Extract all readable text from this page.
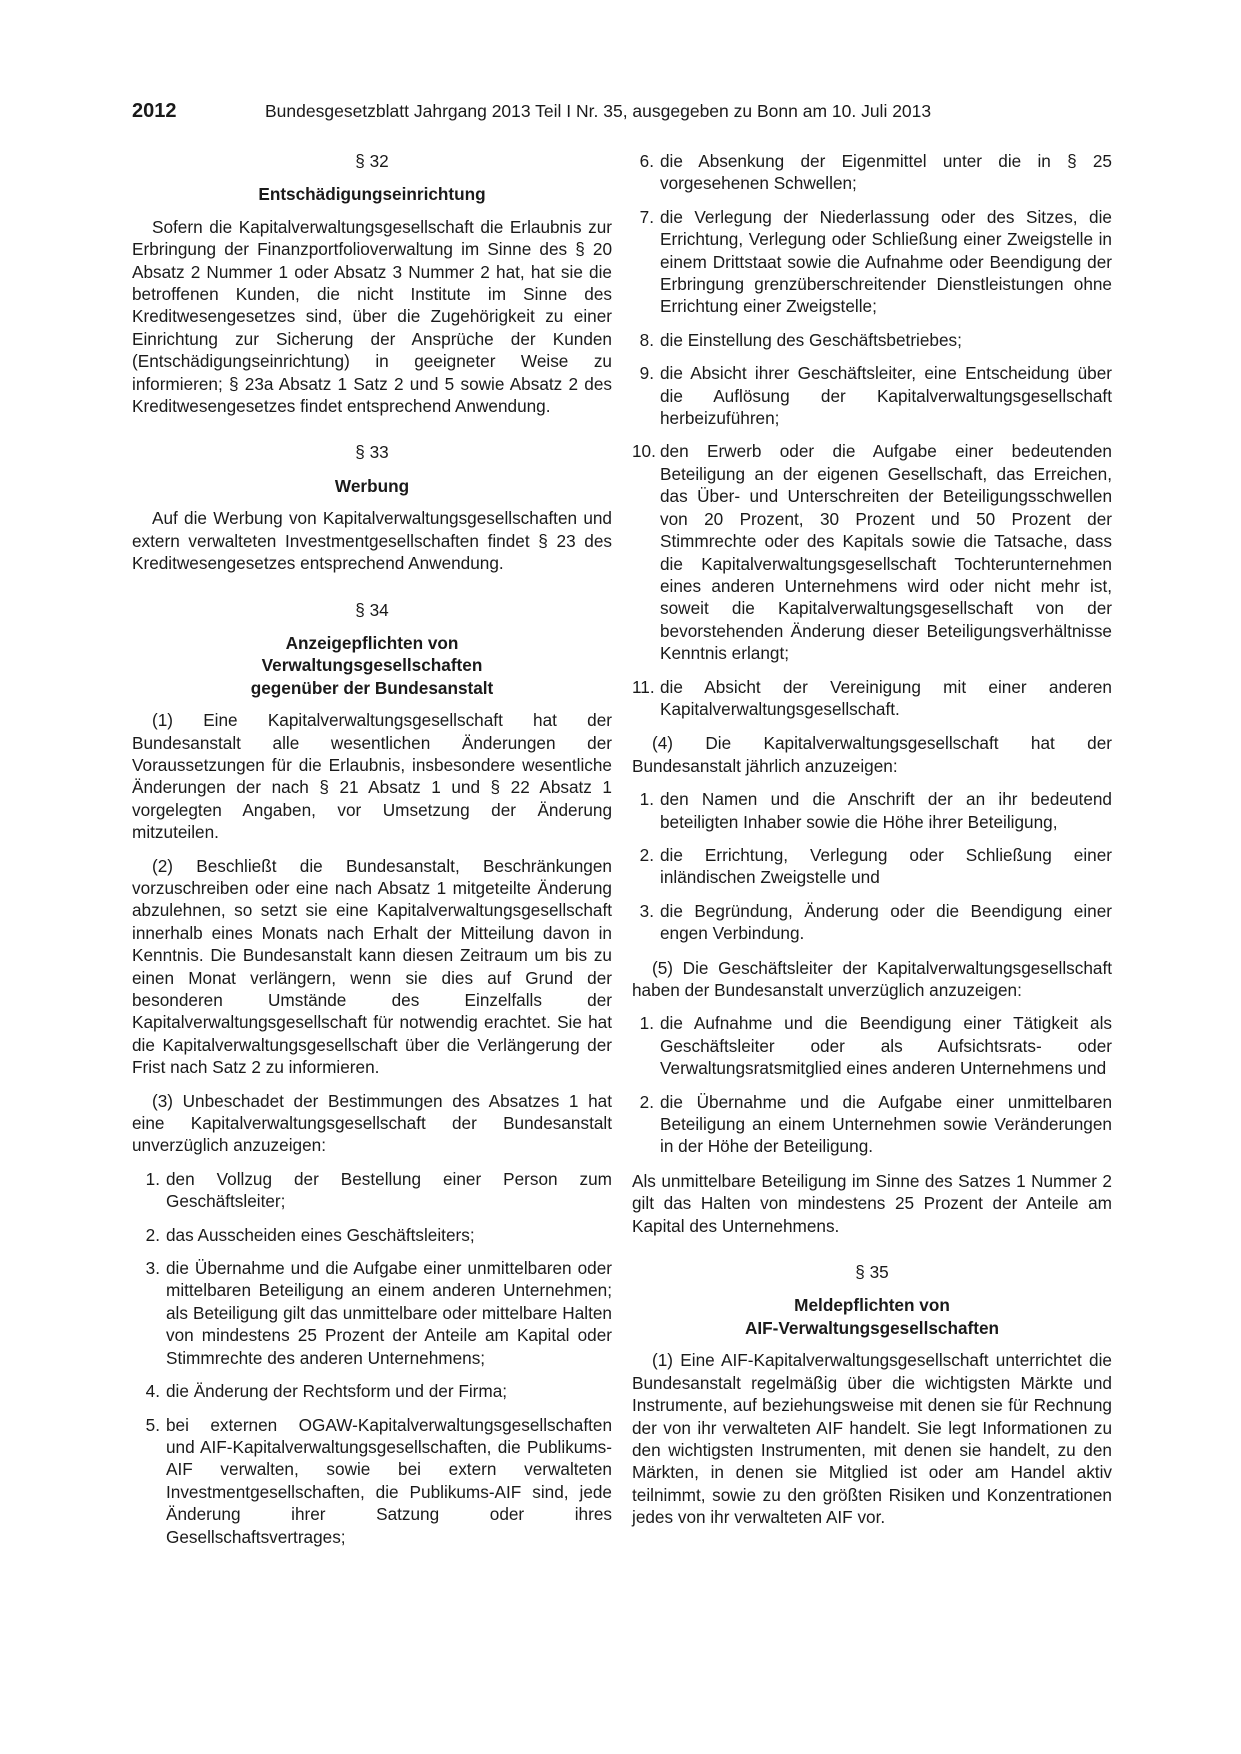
2012	Bundesgesetzblatt Jahrgang 2013 Teil I Nr. 35, ausgegeben zu Bonn am 10. Juli 2013

§ 32

Entschädigungseinrichtung

Sofern die Kapitalverwaltungsgesellschaft die Erlaubnis zur Erbringung der Finanzportfolioverwaltung im Sinne des § 20 Absatz 2 Nummer 1 oder Absatz 3 Nummer 2 hat, hat sie die betroffenen Kunden, die nicht Institute im Sinne des Kreditwesengesetzes sind, über die Zugehörigkeit zu einer Einrichtung zur Sicherung der Ansprüche der Kunden (Entschädigungseinrichtung) in geeigneter Weise zu informieren; § 23a Absatz 1 Satz 2 und 5 sowie Absatz 2 des Kreditwesengesetzes findet entsprechend Anwendung.

§ 33

Werbung

Auf die Werbung von Kapitalverwaltungsgesellschaften und extern verwalteten Investmentgesellschaften findet § 23 des Kreditwesengesetzes entsprechend Anwendung.

§ 34

Anzeigepflichten von
Verwaltungsgesellschaften
gegenüber der Bundesanstalt

(1) Eine Kapitalverwaltungsgesellschaft hat der Bundesanstalt alle wesentlichen Änderungen der Voraussetzungen für die Erlaubnis, insbesondere wesentliche Änderungen der nach § 21 Absatz 1 und § 22 Absatz 1 vorgelegten Angaben, vor Umsetzung der Änderung mitzuteilen.

(2) Beschließt die Bundesanstalt, Beschränkungen vorzuschreiben oder eine nach Absatz 1 mitgeteilte Änderung abzulehnen, so setzt sie eine Kapitalverwaltungsgesellschaft innerhalb eines Monats nach Erhalt der Mitteilung davon in Kenntnis. Die Bundesanstalt kann diesen Zeitraum um bis zu einen Monat verlängern, wenn sie dies auf Grund der besonderen Umstände des Einzelfalls der Kapitalverwaltungsgesellschaft für notwendig erachtet. Sie hat die Kapitalverwaltungsgesellschaft über die Verlängerung der Frist nach Satz 2 zu informieren.

(3) Unbeschadet der Bestimmungen des Absatzes 1 hat eine Kapitalverwaltungsgesellschaft der Bundesanstalt unverzüglich anzuzeigen:

1. den Vollzug der Bestellung einer Person zum Geschäftsleiter;
2. das Ausscheiden eines Geschäftsleiters;
3. die Übernahme und die Aufgabe einer unmittelbaren oder mittelbaren Beteiligung an einem anderen Unternehmen; als Beteiligung gilt das unmittelbare oder mittelbare Halten von mindestens 25 Prozent der Anteile am Kapital oder Stimmrechte des anderen Unternehmens;
4. die Änderung der Rechtsform und der Firma;
5. bei externen OGAW-Kapitalverwaltungsgesellschaften und AIF-Kapitalverwaltungsgesellschaften, die Publikums-AIF verwalten, sowie bei extern verwalteten Investmentgesellschaften, die Publikums-AIF sind, jede Änderung ihrer Satzung oder ihres Gesellschaftsvertrages;
6. die Absenkung der Eigenmittel unter die in § 25 vorgesehenen Schwellen;
7. die Verlegung der Niederlassung oder des Sitzes, die Errichtung, Verlegung oder Schließung einer Zweigstelle in einem Drittstaat sowie die Aufnahme oder Beendigung der Erbringung grenzüberschreitender Dienstleistungen ohne Errichtung einer Zweigstelle;
8. die Einstellung des Geschäftsbetriebes;
9. die Absicht ihrer Geschäftsleiter, eine Entscheidung über die Auflösung der Kapitalverwaltungsgesellschaft herbeizuführen;
10. den Erwerb oder die Aufgabe einer bedeutenden Beteiligung an der eigenen Gesellschaft, das Erreichen, das Über- und Unterschreiten der Beteiligungsschwellen von 20 Prozent, 30 Prozent und 50 Prozent der Stimmrechte oder des Kapitals sowie die Tatsache, dass die Kapitalverwaltungsgesellschaft Tochterunternehmen eines anderen Unternehmens wird oder nicht mehr ist, soweit die Kapitalverwaltungsgesellschaft von der bevorstehenden Änderung dieser Beteiligungsverhältnisse Kenntnis erlangt;
11. die Absicht der Vereinigung mit einer anderen Kapitalverwaltungsgesellschaft.

(4) Die Kapitalverwaltungsgesellschaft hat der Bundesanstalt jährlich anzuzeigen:

1. den Namen und die Anschrift der an ihr bedeutend beteiligten Inhaber sowie die Höhe ihrer Beteiligung,
2. die Errichtung, Verlegung oder Schließung einer inländischen Zweigstelle und
3. die Begründung, Änderung oder die Beendigung einer engen Verbindung.

(5) Die Geschäftsleiter der Kapitalverwaltungsgesellschaft haben der Bundesanstalt unverzüglich anzuzeigen:

1. die Aufnahme und die Beendigung einer Tätigkeit als Geschäftsleiter oder als Aufsichtsrats- oder Verwaltungsratsmitglied eines anderen Unternehmens und
2. die Übernahme und die Aufgabe einer unmittelbaren Beteiligung an einem Unternehmen sowie Veränderungen in der Höhe der Beteiligung.

Als unmittelbare Beteiligung im Sinne des Satzes 1 Nummer 2 gilt das Halten von mindestens 25 Prozent der Anteile am Kapital des Unternehmens.

§ 35

Meldepflichten von
AIF-Verwaltungsgesellschaften

(1) Eine AIF-Kapitalverwaltungsgesellschaft unterrichtet die Bundesanstalt regelmäßig über die wichtigsten Märkte und Instrumente, auf beziehungsweise mit denen sie für Rechnung der von ihr verwalteten AIF handelt. Sie legt Informationen zu den wichtigsten Instrumenten, mit denen sie handelt, zu den Märkten, in denen sie Mitglied ist oder am Handel aktiv teilnimmt, sowie zu den größten Risiken und Konzentrationen jedes von ihr verwalteten AIF vor.
